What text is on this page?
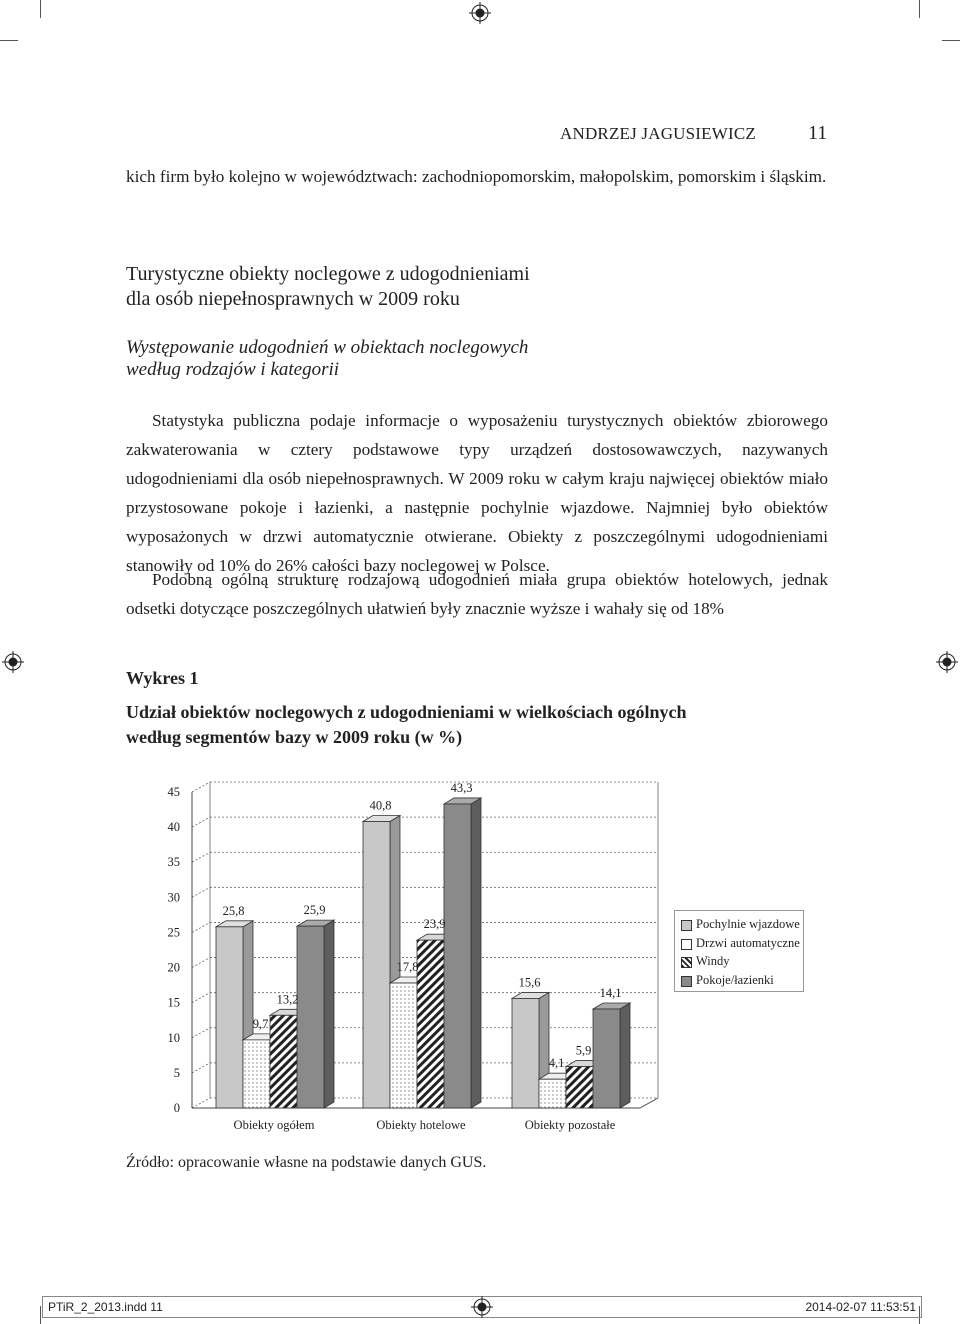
ANDRZEJ JAGUSIEWICZ	11
kich firm było kolejno w województwach: zachodniopomorskim, małopolskim, pomorskim i śląskim.
Turystyczne obiekty noclegowe z udogodnieniami
dla osób niepełnosprawnych w 2009 roku
Występowanie udogodnień w obiektach noclegowych
według rodzajów i kategorii
Statystyka publiczna podaje informacje o wyposażeniu turystycznych obiektów zbiorowego zakwaterowania w cztery podstawowe typy urządzeń dostosowawczych, nazywanych udogodnieniami dla osób niepełnosprawnych. W 2009 roku w całym kraju najwięcej obiektów miało przystosowane pokoje i łazienki, a następnie pochylnie wjazdowe. Najmniej było obiektów wyposażonych w drzwi automatycznie otwierane. Obiekty z poszczególnymi udogodnieniami stanowiły od 10% do 26% całości bazy noclegowej w Polsce.
Podobną ogólną strukturę rodzajową udogodnień miała grupa obiektów hotelowych, jednak odsetki dotyczące poszczególnych ułatwień były znacznie wyższe i wahały się od 18%
Wykres 1
Udział obiektów noclegowych z udogodnieniami w wielkościach ogólnych
według segmentów bazy w 2009 roku (w %)
0
5
10
15
20
25
30
35
40
45
25,8
9,7
13,2
25,9
Obiekty ogółem
40,8
17,8
23,9
43,3
Obiekty hotelowe
15,6
4,1
5,9
14,1
Obiekty pozostałe
Pochylnie wjazdowe
Drzwi automatyczne
Windy
Pokoje/łazienki
Źródło: opracowanie własne na podstawie danych GUS.
PTiR_2_2013.indd 11	2014-02-07 11:53:51
